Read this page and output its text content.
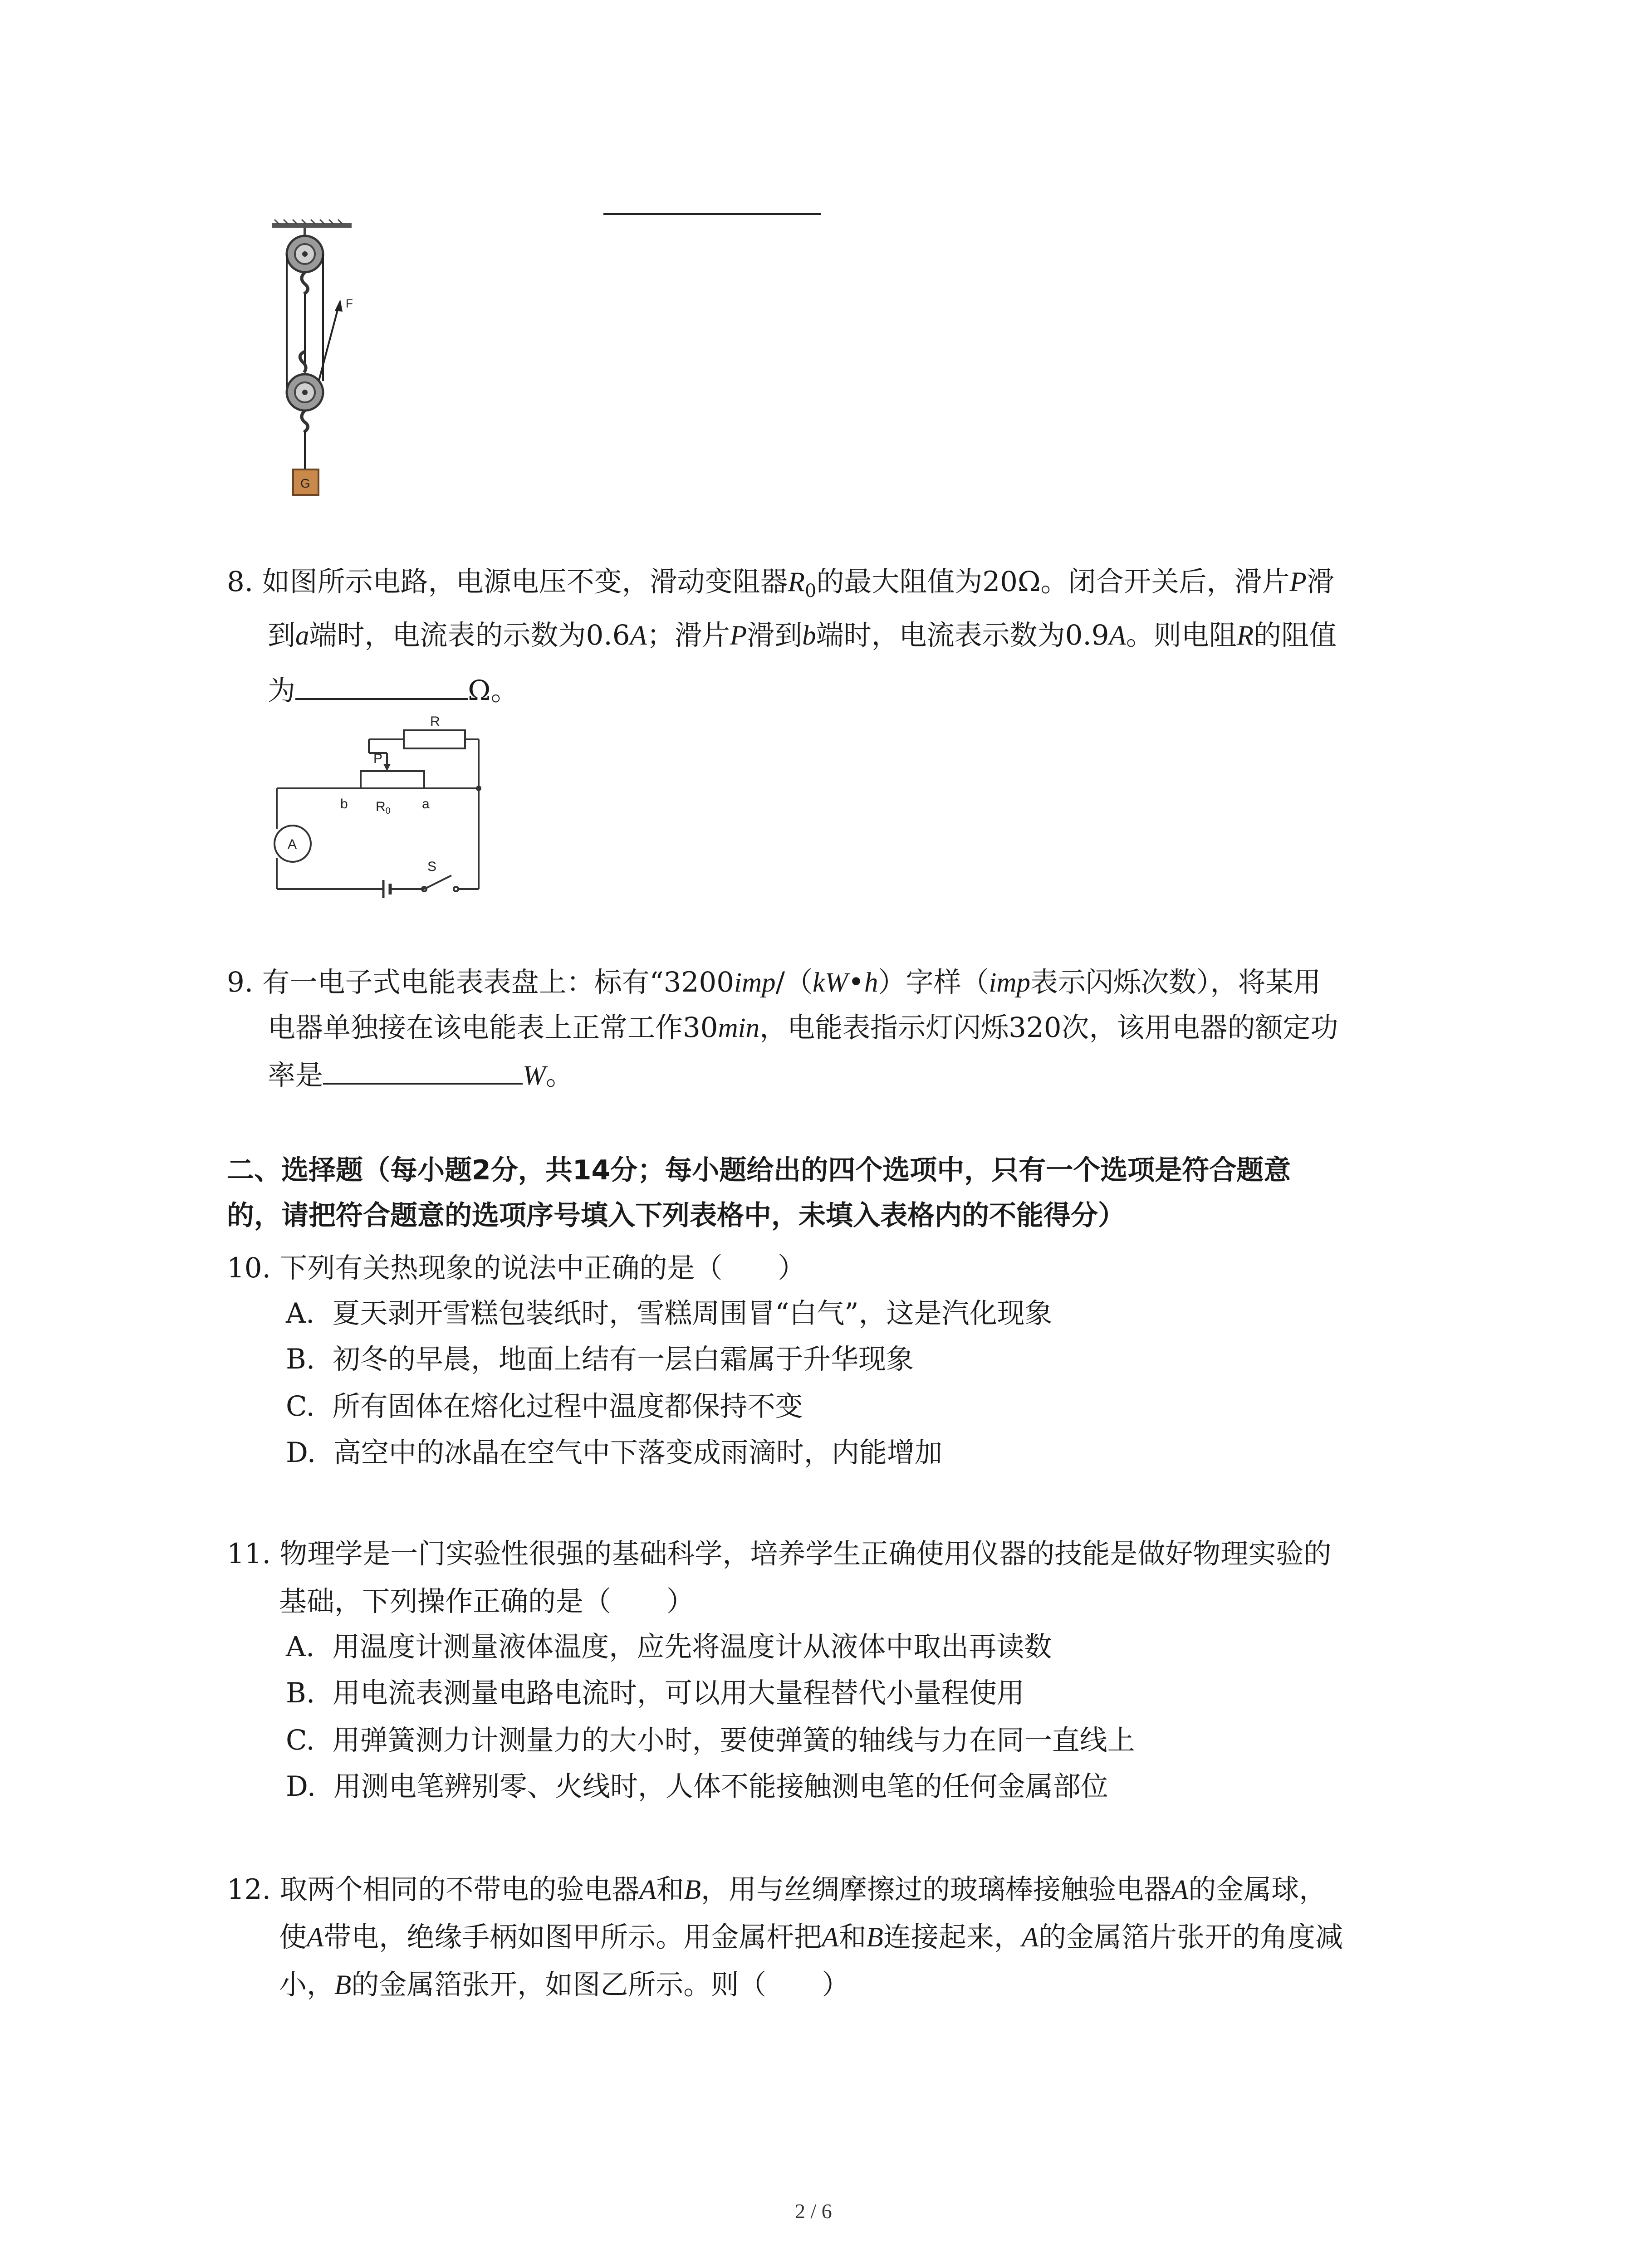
F
G
8. 如图所示电路，电源电压不变，滑动变阻器$R_0$的最大阻值为20Ω。闭合开关后，滑片P滑
到a端时，电流表的示数为0.6A；滑片P滑到b端时，电流表示数为0.9A。则电阻R的阻值
为	Ω。
R
P
b $R_0$ a
A
S
9. 有一电子式电能表表盘上：标有“3200imp/（kW•h）字样（imp表示闪烁次数），将某用
电器单独接在该电能表上正常工作30min，电能表指示灯闪烁320次，该用电器的额定功
率是	W。
二、选择题（每小题2分，共14分；每小题给出的四个选项中，只有一个选项是符合题意
的，请把符合题意的选项序号填入下列表格中，未填入表格内的不能得分）
10. 下列有关热现象的说法中正确的是（　　）
A. 夏天剥开雪糕包装纸时，雪糕周围冒“白气”，这是汽化现象
B. 初冬的早晨，地面上结有一层白霜属于升华现象
C. 所有固体在熔化过程中温度都保持不变
D. 高空中的冰晶在空气中下落变成雨滴时，内能增加
11. 物理学是一门实验性很强的基础科学，培养学生正确使用仪器的技能是做好物理实验的
基础，下列操作正确的是（　　）
A. 用温度计测量液体温度，应先将温度计从液体中取出再读数
B. 用电流表测量电路电流时，可以用大量程替代小量程使用
C. 用弹簧测力计测量力的大小时，要使弹簧的轴线与力在同一直线上
D. 用测电笔辨别零、火线时，人体不能接触测电笔的任何金属部位
12. 取两个相同的不带电的验电器A和B，用与丝绸摩擦过的玻璃棒接触验电器A的金属球，
使A带电，绝缘手柄如图甲所示。用金属杆把A和B连接起来，A的金属箔片张开的角度减
小，B的金属箔张开，如图乙所示。则（　　）
2 / 6
